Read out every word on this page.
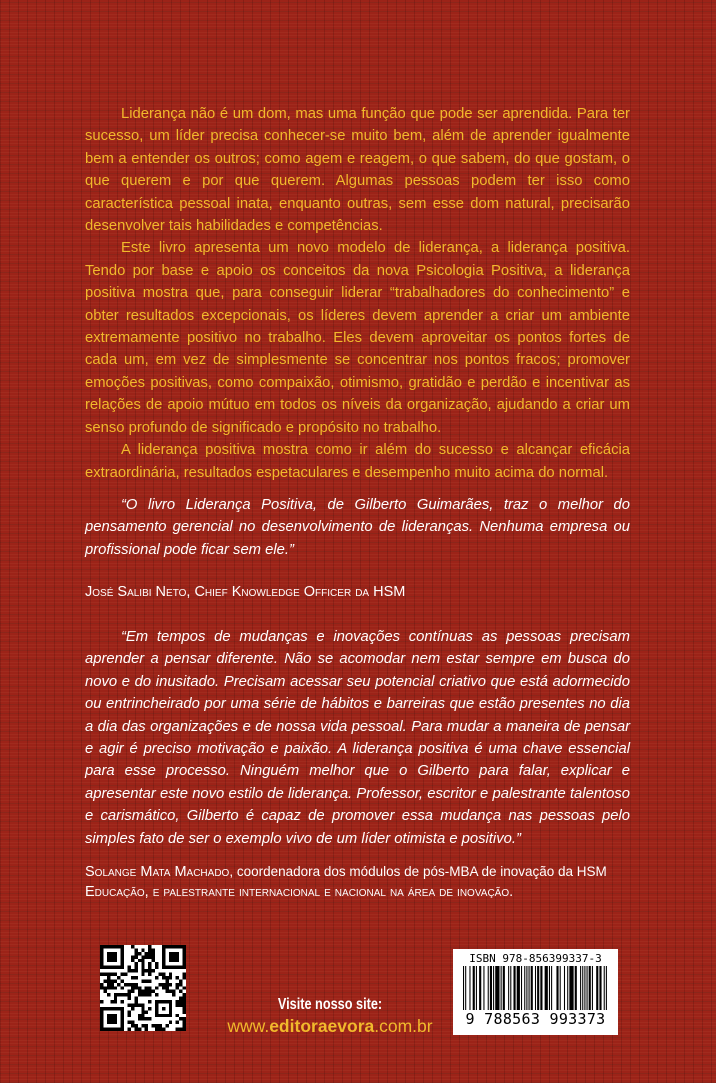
Liderança não é um dom, mas uma função que pode ser aprendida. Para ter sucesso, um líder precisa conhecer-se muito bem, além de aprender igualmente bem a entender os outros; como agem e reagem, o que sabem, do que gostam, o que querem e por que querem. Algumas pessoas podem ter isso como característica pessoal inata, enquanto outras, sem esse dom natural, precisarão desenvolver tais habilidades e competências.

Este livro apresenta um novo modelo de liderança, a liderança positiva. Tendo por base e apoio os conceitos da nova Psicologia Positiva, a liderança positiva mostra que, para conseguir liderar “trabalhadores do conhecimento” e obter resultados excepcionais, os líderes devem aprender a criar um ambiente extremamente positivo no trabalho. Eles devem aproveitar os pontos fortes de cada um, em vez de simplesmente se concentrar nos pontos fracos; promover emoções positivas, como compaixão, otimismo, gratidão e perdão e incentivar as relações de apoio mútuo em todos os níveis da organização, ajudando a criar um senso profundo de significado e propósito no trabalho.

A liderança positiva mostra como ir além do sucesso e alcançar eficácia extraordinária, resultados espetaculares e desempenho muito acima do normal.

“O livro Liderança Positiva, de Gilberto Guimarães, traz o melhor do pensamento gerencial no desenvolvimento de lideranças. Nenhuma empresa ou profissional pode ficar sem ele.”

José Salibi Neto, Chief Knowledge Officer da HSM

“Em tempos de mudanças e inovações contínuas as pessoas precisam aprender a pensar diferente. Não se acomodar nem estar sempre em busca do novo e do inusitado. Precisam acessar seu potencial criativo que está adormecido ou entrincheirado por uma série de hábitos e barreiras que estão presentes no dia a dia das organizações e de nossa vida pessoal. Para mudar a maneira de pensar e agir é preciso motivação e paixão. A liderança positiva é uma chave essencial para esse processo. Ninguém melhor que o Gilberto para falar, explicar e apresentar este novo estilo de liderança. Professor, escritor e palestrante talentoso e carismático, Gilberto é capaz de promover essa mudança nas pessoas pelo simples fato de ser o exemplo vivo de um líder otimista e positivo.”

Solange Mata Machado, coordenadora dos módulos de pós-MBA de inovação da HSM Educação, e palestrante internacional e nacional na área de inovação.
Visite nosso site:
www.editoraevora.com.br
ISBN 978-856399337-3
9 788563 993373
